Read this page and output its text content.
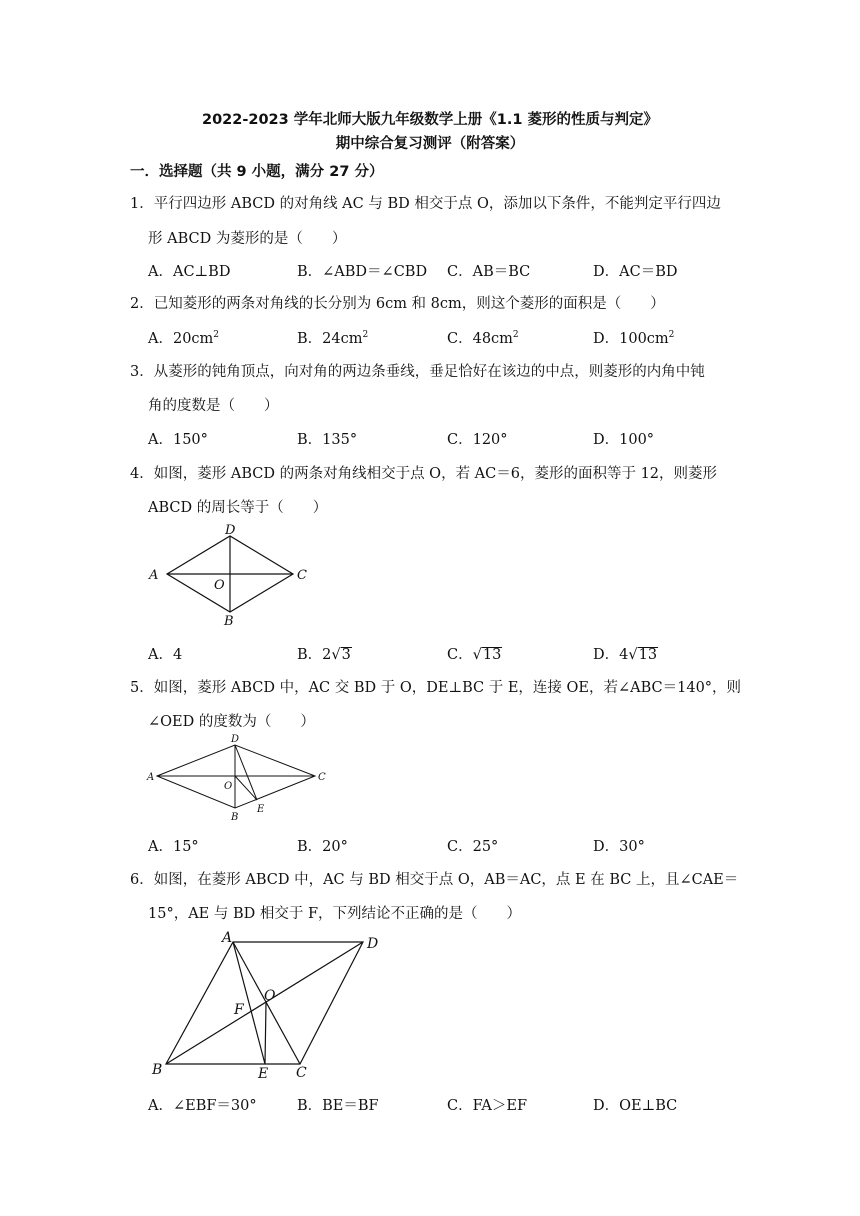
2022-2023 学年北师大版九年级数学上册《1.1 菱形的性质与判定》
期中综合复习测评（附答案）
一．选择题（共 9 小题，满分 27 分）
1．平行四边形 ABCD 的对角线 AC 与 BD 相交于点 O，添加以下条件，不能判定平行四边
形 ABCD 为菱形的是（　　）
A．AC⊥BD	B．∠ABD＝∠CBD C．AB＝BC	D．AC＝BD
2．已知菱形的两条对角线的长分别为 6cm 和 8cm，则这个菱形的面积是（　　）
A．$20cm^2$	B．$24cm^2$	C．$48cm^2$	D．$100cm^2$
3．从菱形的钝角顶点，向对角的两边条垂线，垂足恰好在该边的中点，则菱形的内角中钝
角的度数是（　　）
A．150°	B．135°	C．120°	D．100°
4．如图，菱形 ABCD 的两条对角线相交于点 O，若 AC＝6，菱形的面积等于 12，则菱形
ABCD 的周长等于（　　）
A	C
D
B
O
A．4	B．2√3	C．√13	D．4√13
5．如图，菱形 ABCD 中，AC 交 BD 于 O，DE⊥BC 于 E，连接 OE，若∠ABC＝140°，则
∠OED 的度数为（　　）
A	C
D
B
O
E
A．15°	B．20°	C．25°	D．30°
6．如图，在菱形 ABCD 中，AC 与 BD 相交于点 O，AB＝AC，点 E 在 BC 上，且∠CAE＝
15°，AE 与 BD 相交于 F，下列结论不正确的是（　　）
A	D
B	C
E
O
F
A．∠EBF＝30°	B．BE＝BF	C．FA＞EF	D．OE⊥BC
